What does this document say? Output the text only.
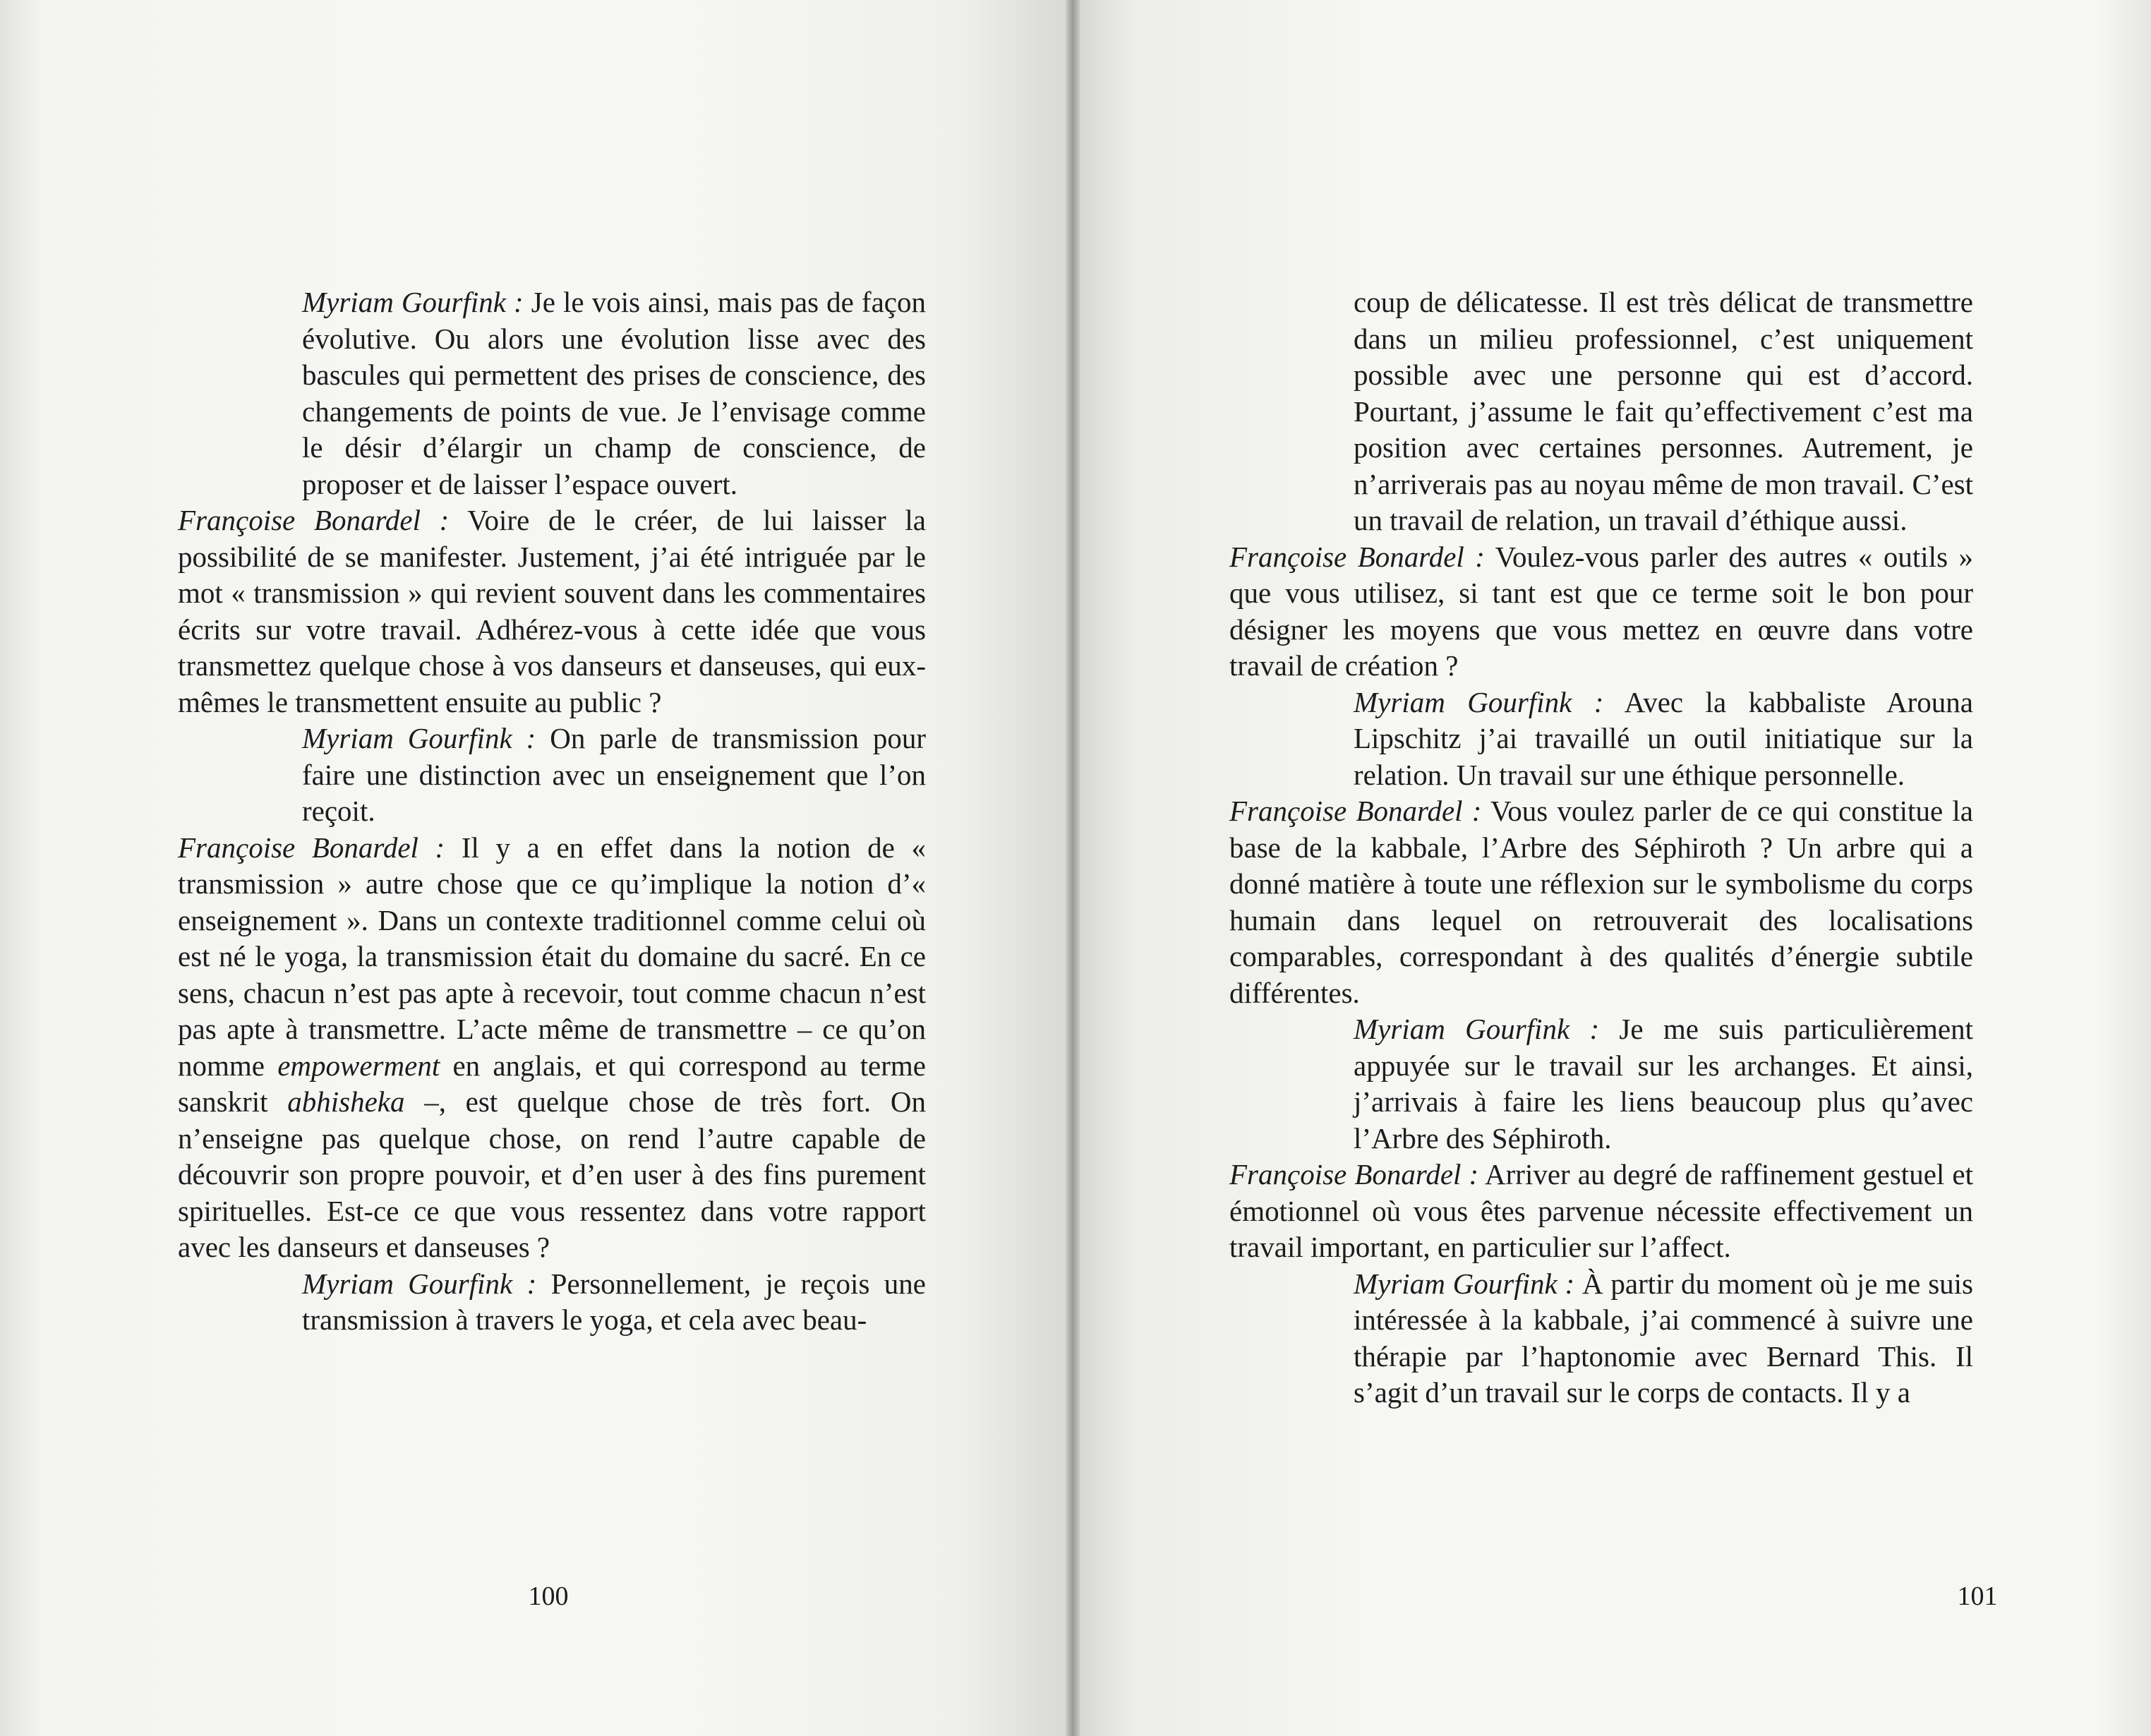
Myriam Gourfink : Je le vois ainsi, mais pas de façon évolutive. Ou alors une évolution lisse avec des bascules qui permettent des prises de conscience, des changements de points de vue. Je l’envisage comme le désir d’élargir un champ de conscience, de proposer et de laisser l’espace ouvert.

Françoise Bonardel : Voire de le créer, de lui laisser la possibilité de se manifester. Justement, j’ai été intriguée par le mot « transmission » qui revient souvent dans les commentaires écrits sur votre travail. Adhérez-vous à cette idée que vous transmettez quelque chose à vos danseurs et danseuses, qui eux-mêmes le transmettent ensuite au public ?

Myriam Gourfink : On parle de transmission pour faire une distinction avec un enseignement que l’on reçoit.

Françoise Bonardel : Il y a en effet dans la notion de « transmission » autre chose que ce qu’implique la notion d’« enseignement ». Dans un contexte traditionnel comme celui où est né le yoga, la transmission était du domaine du sacré. En ce sens, chacun n’est pas apte à recevoir, tout comme chacun n’est pas apte à transmettre. L’acte même de transmettre – ce qu’on nomme empowerment en anglais, et qui correspond au terme sanskrit abhisheka –, est quelque chose de très fort. On n’enseigne pas quelque chose, on rend l’autre capable de découvrir son propre pouvoir, et d’en user à des fins purement spirituelles. Est-ce ce que vous ressentez dans votre rapport avec les danseurs et danseuses ?

Myriam Gourfink : Personnellement, je reçois une transmission à travers le yoga, et cela avec beau-

100

coup de délicatesse. Il est très délicat de transmettre dans un milieu professionnel, c’est uniquement possible avec une personne qui est d’accord. Pourtant, j’assume le fait qu’effectivement c’est ma position avec certaines personnes. Autrement, je n’arriverais pas au noyau même de mon travail. C’est un travail de relation, un travail d’éthique aussi.

Françoise Bonardel : Voulez-vous parler des autres « outils » que vous utilisez, si tant est que ce terme soit le bon pour désigner les moyens que vous mettez en œuvre dans votre travail de création ?

Myriam Gourfink : Avec la kabbaliste Arouna Lipschitz j’ai travaillé un outil initiatique sur la relation. Un travail sur une éthique personnelle.

Françoise Bonardel : Vous voulez parler de ce qui constitue la base de la kabbale, l’Arbre des Séphiroth ? Un arbre qui a donné matière à toute une réflexion sur le symbolisme du corps humain dans lequel on retrouverait des localisations comparables, correspondant à des qualités d’énergie subtile différentes.

Myriam Gourfink : Je me suis particulièrement appuyée sur le travail sur les archanges. Et ainsi, j’arrivais à faire les liens beaucoup plus qu’avec l’Arbre des Séphiroth.

Françoise Bonardel : Arriver au degré de raffinement gestuel et émotionnel où vous êtes parvenue nécessite effectivement un travail important, en particulier sur l’affect.

Myriam Gourfink : À partir du moment où je me suis intéressée à la kabbale, j’ai commencé à suivre une thérapie par l’haptonomie avec Bernard This. Il s’agit d’un travail sur le corps de contacts. Il y a

101
